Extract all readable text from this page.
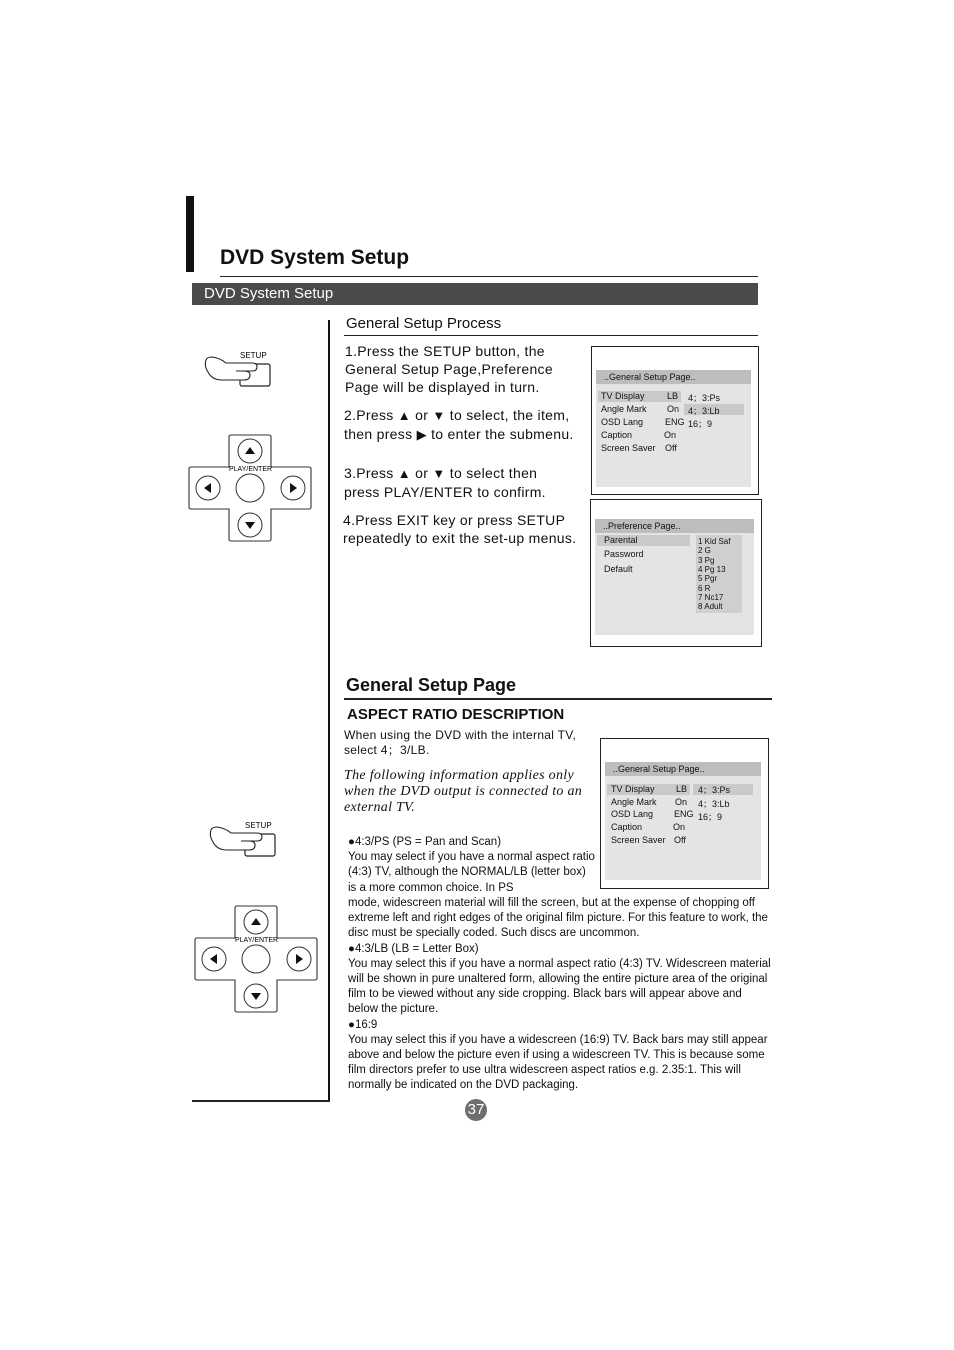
DVD System Setup
DVD System Setup
SETUP
PLAY/ENTER
SETUP
PLAY/ENTER
General Setup Process
1.Press the SETUP button, the General Setup Page,Preference Page will be displayed in turn.
2.Press ▲ or ▼ to select, the item, then press ▶ to enter the submenu.
3.Press ▲ or ▼ to select then press PLAY/ENTER to confirm.
4.Press EXIT key or press SETUP repeatedly to exit the set-up menus.
..General Setup Page..
TV Display LB 4；3:Ps
Angle Mark On 4；3:Lb
OSD Lang ENG 16；9
Caption	On
Screen Saver Off
..Preference Page..
Parental
Password
Default
1 Kid Saf
2 G
3 Pg
4 Pg 13
5 Pgr
6 R
7 Nc17
8 Adult
General Setup Page
ASPECT RATIO DESCRIPTION
When using the DVD with the internal TV, select 4；3/LB.
The following information applies only when the DVD output is connected to an external TV.
..General Setup Page..
TV Display LB 4；3:Ps
Angle Mark On 4；3:Lb
OSD Lang ENG 16；9
Caption	On
Screen Saver Off
●4:3/PS (PS = Pan and Scan)
You may select if you have a normal aspect ratio (4:3) TV, although the NORMAL/LB (letter box) is a more common choice. In PS
mode, widescreen material will fill the screen, but at the expense of chopping off extreme left and right edges of the original film picture. For this feature to work, the disc must be specially coded. Such discs are uncommon.
●4:3/LB (LB = Letter Box)
You may select this if you have a normal aspect ratio (4:3) TV. Widescreen material will be shown in pure unaltered form, allowing the entire picture area of the original film to be viewed without any side cropping. Black bars will appear above and below the picture.
●16:9
You may select this if you have a widescreen (16:9) TV. Back bars may still appear above and below the picture even if using a widescreen TV. This is because some film directors prefer to use ultra widescreen aspect ratios e.g. 2.35:1. This will normally be indicated on the DVD packaging.
37
